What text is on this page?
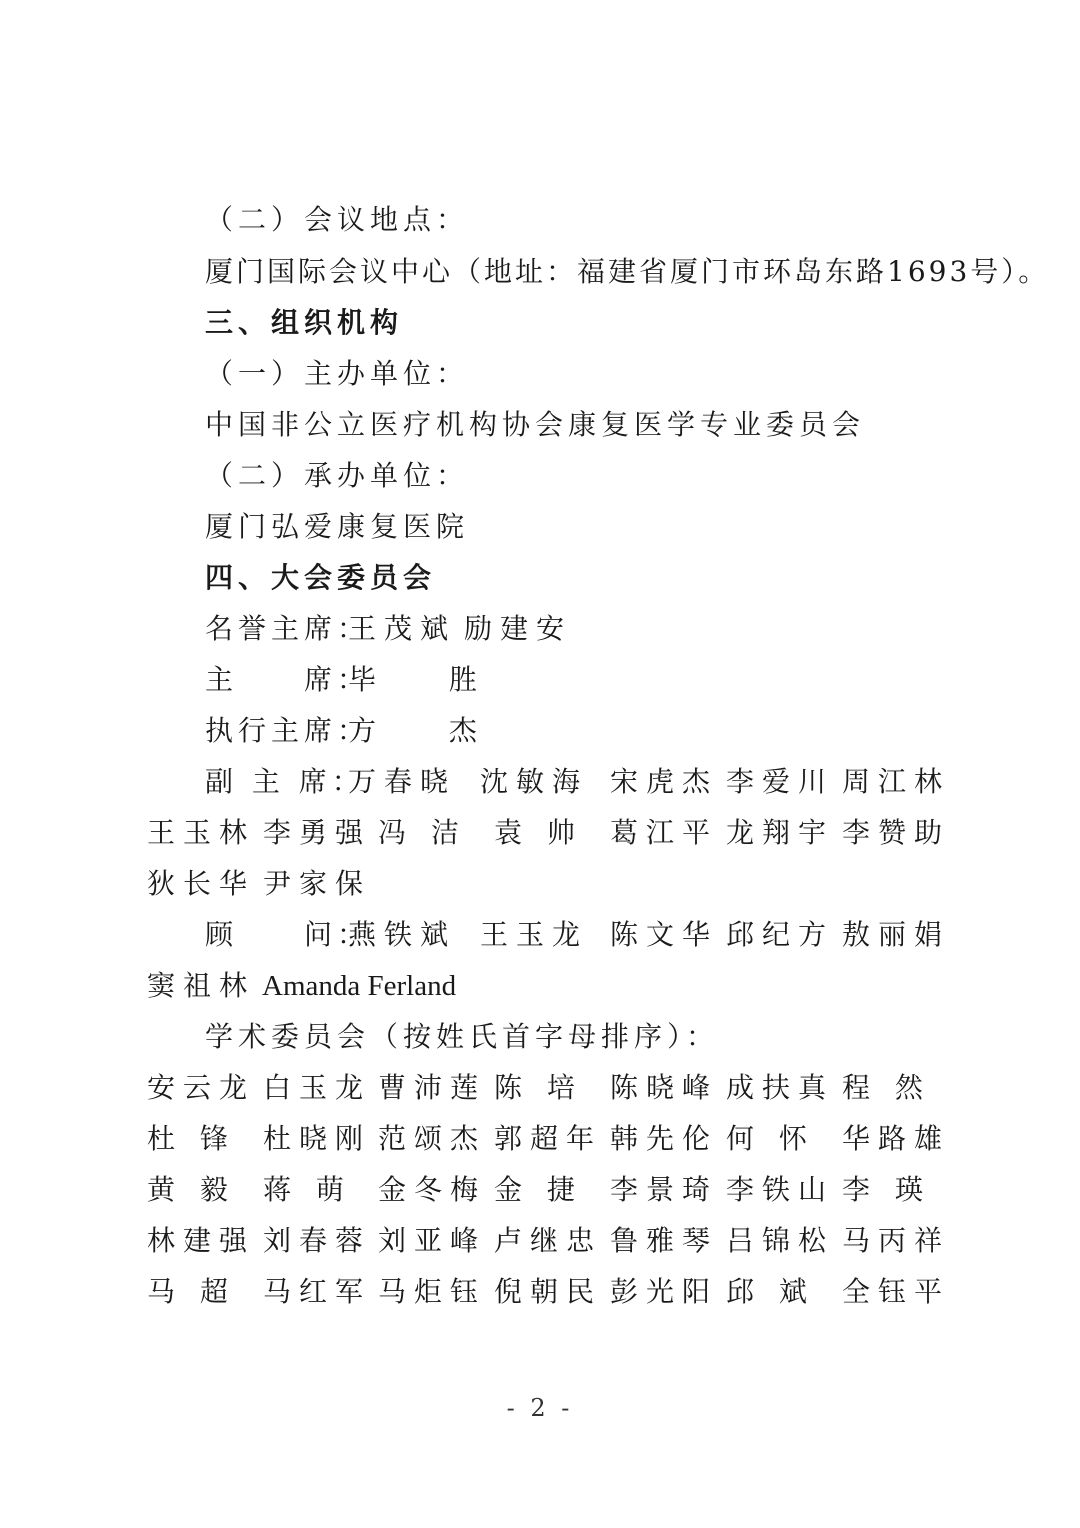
（二）会议地点：
厦门国际会议中心（地址：福建省厦门市环岛东路1693号）。
三、组织机构
（一）主办单位：
中国非公立医疗机构协会康复医学专业委员会
（二）承办单位：
厦门弘爱康复医院
四、大会委员会
名誉主席：
王茂斌 励建安
主　　席：
毕 胜
执行主席：
方 杰
副 主 席：
万春晓 沈敏海 宋虎杰 李爱川 周江林
王玉林 李勇强 冯 洁 袁 帅 葛江平 龙翔宇 李赞助
狄长华 尹家保
顾　　问：
燕铁斌 王玉龙 陈文华 邱纪方 敖丽娟
窦祖林 Amanda Ferland
学术委员会（按姓氏首字母排序）：
安云龙 白玉龙 曹沛莲 陈 培 陈晓峰 成扶真 程 然
杜 锋 杜晓刚 范颂杰 郭超年 韩先伦 何 怀 华路雄
黄 毅 蒋 萌 金冬梅 金 捷 李景琦 李铁山 李 瑛
林建强 刘春蓉 刘亚峰 卢继忠 鲁雅琴 吕锦松 马丙祥
马 超 马红军 马炬钰 倪朝民 彭光阳 邱 斌 全钰平
- 2 -
